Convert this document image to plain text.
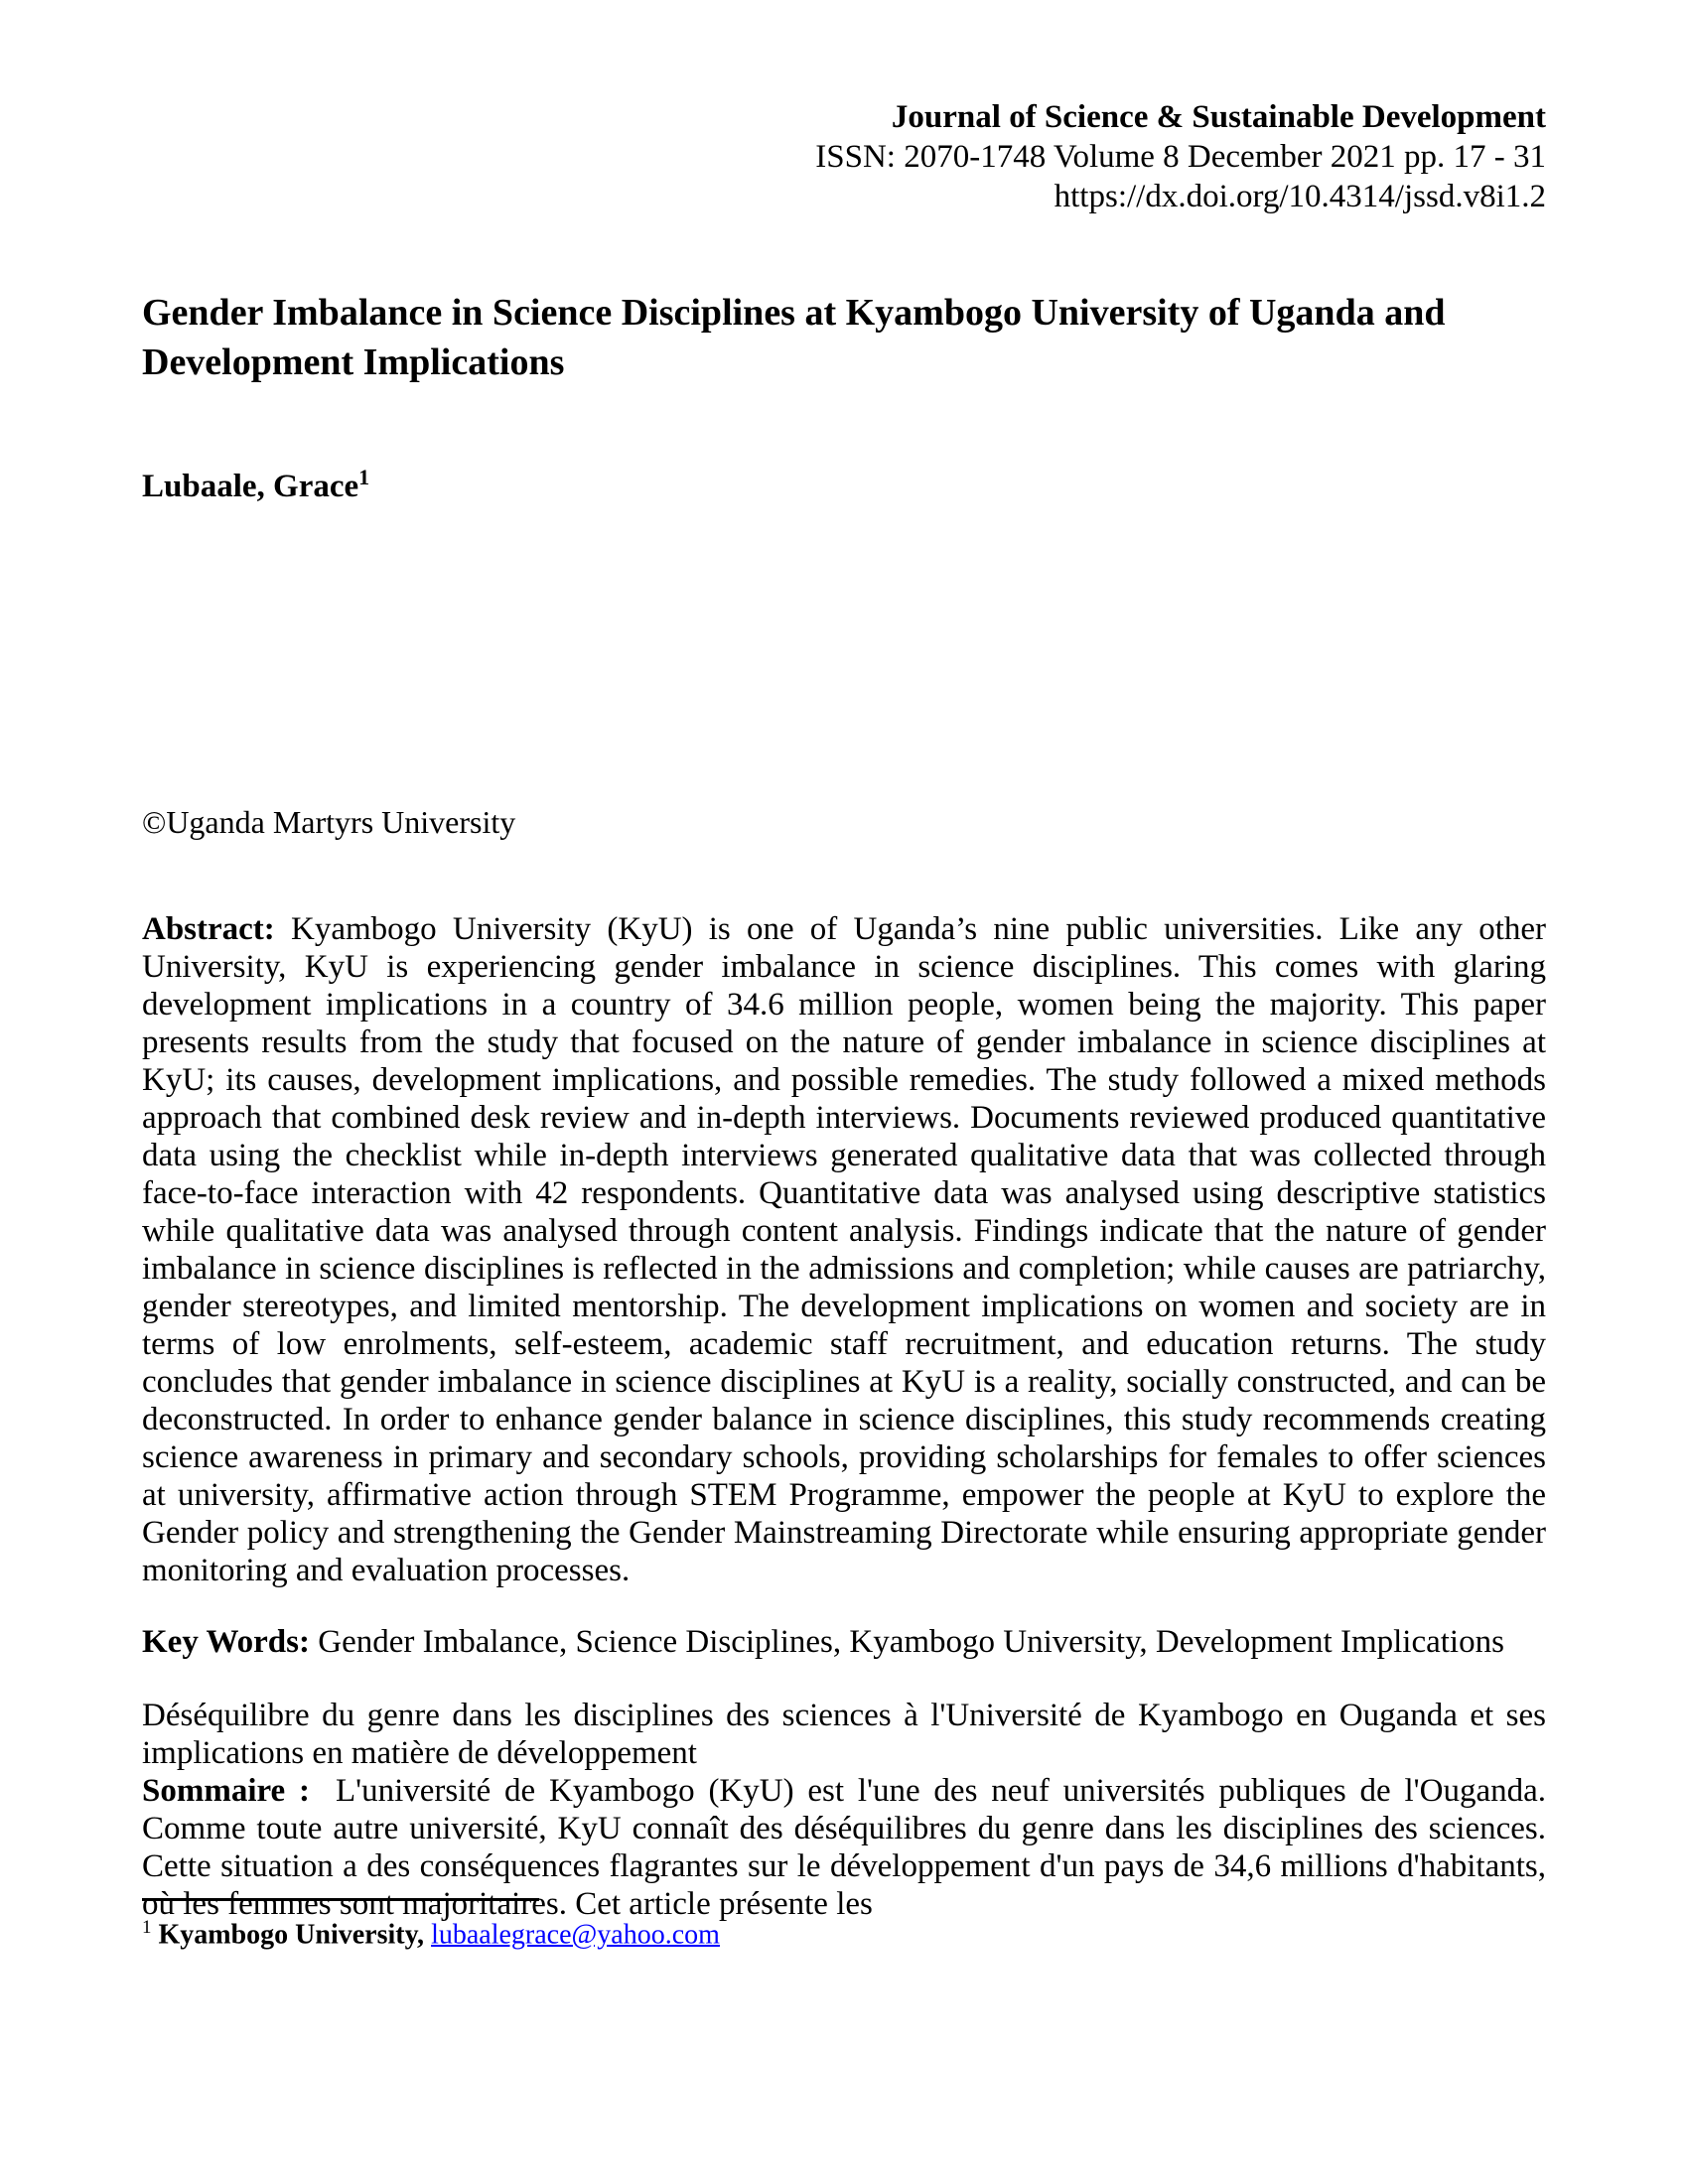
Journal of Science & Sustainable Development
ISSN: 2070-1748 Volume 8 December 2021 pp. 17 - 31
https://dx.doi.org/10.4314/jssd.v8i1.2
Gender Imbalance in Science Disciplines at Kyambogo University of Uganda and Development Implications
Lubaale, Grace$^1$
©Uganda Martyrs University

Abstract: Kyambogo University (KyU) is one of Uganda’s nine public universities. Like any other University, KyU is experiencing gender imbalance in science disciplines. This comes with glaring development implications in a country of 34.6 million people, women being the majority. This paper presents results from the study that focused on the nature of gender imbalance in science disciplines at KyU; its causes, development implications, and possible remedies. The study followed a mixed methods approach that combined desk review and in-depth interviews. Documents reviewed produced quantitative data using the checklist while in-depth interviews generated qualitative data that was collected through face-to-face interaction with 42 respondents. Quantitative data was analysed using descriptive statistics while qualitative data was analysed through content analysis. Findings indicate that the nature of gender imbalance in science disciplines is reflected in the admissions and completion; while causes are patriarchy, gender stereotypes, and limited mentorship. The development implications on women and society are in terms of low enrolments, self-esteem, academic staff recruitment, and education returns. The study concludes that gender imbalance in science disciplines at KyU is a reality, socially constructed, and can be deconstructed. In order to enhance gender balance in science disciplines, this study recommends creating science awareness in primary and secondary schools, providing scholarships for females to offer sciences at university, affirmative action through STEM Programme, empower the people at KyU to explore the Gender policy and strengthening the Gender Mainstreaming Directorate while ensuring appropriate gender monitoring and evaluation processes.

Key Words: Gender Imbalance, Science Disciplines, Kyambogo University, Development Implications

Déséquilibre du genre dans les disciplines des sciences à l'Université de Kyambogo en Ouganda et ses implications en matière de développement

Sommaire : L'université de Kyambogo (KyU) est l'une des neuf universités publiques de l'Ouganda. Comme toute autre université, KyU connaît des déséquilibres du genre dans les disciplines des sciences. Cette situation a des conséquences flagrantes sur le développement d'un pays de 34,6 millions d'habitants, où les femmes sont majoritaires. Cet article présente les

$^1$ Kyambogo University, lubaalegrace@yahoo.com
